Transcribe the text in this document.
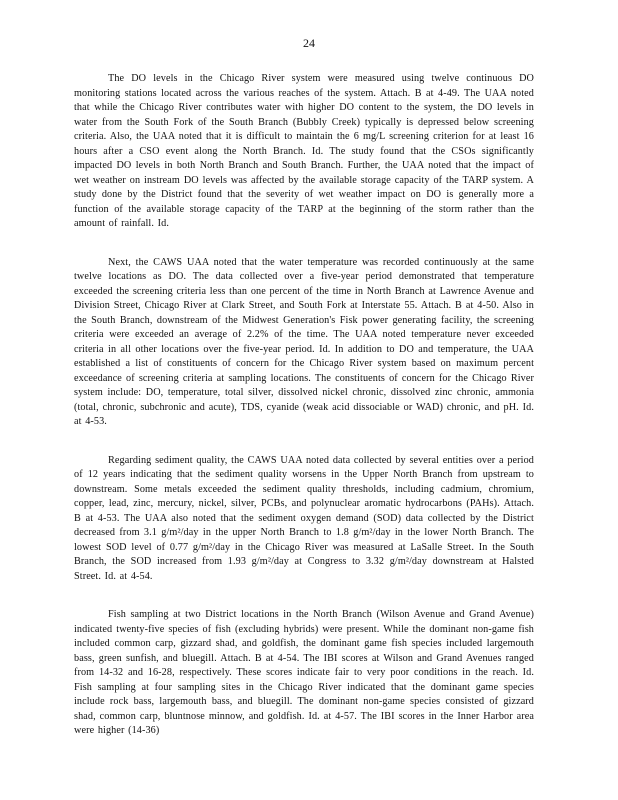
24

The DO levels in the Chicago River system were measured using twelve continuous DO monitoring stations located across the various reaches of the system. Attach. B at 4-49. The UAA noted that while the Chicago River contributes water with higher DO content to the system, the DO levels in water from the South Fork of the South Branch (Bubbly Creek) typically is depressed below screening criteria. Also, the UAA noted that it is difficult to maintain the 6 mg/L screening criterion for at least 16 hours after a CSO event along the North Branch. Id. The study found that the CSOs significantly impacted DO levels in both North Branch and South Branch. Further, the UAA noted that the impact of wet weather on instream DO levels was affected by the available storage capacity of the TARP system. A study done by the District found that the severity of wet weather impact on DO is generally more a function of the available storage capacity of the TARP at the beginning of the storm rather than the amount of rainfall. Id.

Next, the CAWS UAA noted that the water temperature was recorded continuously at the same twelve locations as DO. The data collected over a five-year period demonstrated that temperature exceeded the screening criteria less than one percent of the time in North Branch at Lawrence Avenue and Division Street, Chicago River at Clark Street, and South Fork at Interstate 55. Attach. B at 4-50. Also in the South Branch, downstream of the Midwest Generation's Fisk power generating facility, the screening criteria were exceeded an average of 2.2% of the time. The UAA noted temperature never exceeded criteria in all other locations over the five-year period. Id. In addition to DO and temperature, the UAA established a list of constituents of concern for the Chicago River system based on maximum percent exceedance of screening criteria at sampling locations. The constituents of concern for the Chicago River system include: DO, temperature, total silver, dissolved nickel chronic, dissolved zinc chronic, ammonia (total, chronic, subchronic and acute), TDS, cyanide (weak acid dissociable or WAD) chronic, and pH. Id. at 4-53.

Regarding sediment quality, the CAWS UAA noted data collected by several entities over a period of 12 years indicating that the sediment quality worsens in the Upper North Branch from upstream to downstream. Some metals exceeded the sediment quality thresholds, including cadmium, chromium, copper, lead, zinc, mercury, nickel, silver, PCBs, and polynuclear aromatic hydrocarbons (PAHs). Attach. B at 4-53. The UAA also noted that the sediment oxygen demand (SOD) data collected by the District decreased from 3.1 g/m²/day in the upper North Branch to 1.8 g/m²/day in the lower North Branch. The lowest SOD level of 0.77 g/m²/day in the Chicago River was measured at LaSalle Street. In the South Branch, the SOD increased from 1.93 g/m²/day at Congress to 3.32 g/m²/day downstream at Halsted Street. Id. at 4-54.

Fish sampling at two District locations in the North Branch (Wilson Avenue and Grand Avenue) indicated twenty-five species of fish (excluding hybrids) were present. While the dominant non-game fish included common carp, gizzard shad, and goldfish, the dominant game fish species included largemouth bass, green sunfish, and bluegill. Attach. B at 4-54. The IBI scores at Wilson and Grand Avenues ranged from 14-32 and 16-28, respectively. These scores indicate fair to very poor conditions in the reach. Id. Fish sampling at four sampling sites in the Chicago River indicated that the dominant game species include rock bass, largemouth bass, and bluegill. The dominant non-game species consisted of gizzard shad, common carp, bluntnose minnow, and goldfish. Id. at 4-57. The IBI scores in the Inner Harbor area were higher (14-36)
